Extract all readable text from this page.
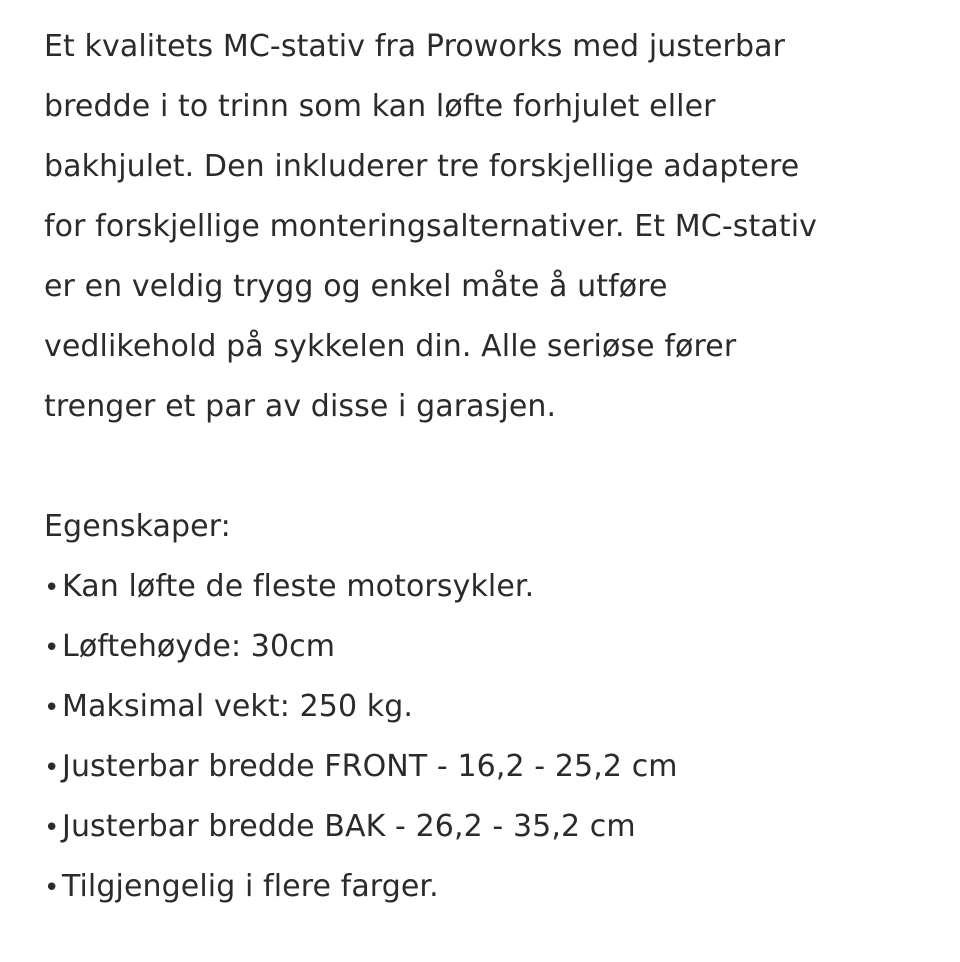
Et kvalitets MC-stativ fra Proworks med justerbar
bredde i to trinn som kan løfte forhjulet eller
bakhjulet. Den inkluderer tre forskjellige adaptere
for forskjellige monteringsalternativer. Et MC-stativ
er en veldig trygg og enkel måte å utføre
vedlikehold på sykkelen din. Alle seriøse fører
trenger et par av disse i garasjen.
Egenskaper:
•Kan løfte de fleste motorsykler.
•Løftehøyde: 30cm
•Maksimal vekt: 250 kg.
•Justerbar bredde FRONT - 16,2 - 25,2 cm
•Justerbar bredde BAK - 26,2 - 35,2 cm
•Tilgjengelig i flere farger.
